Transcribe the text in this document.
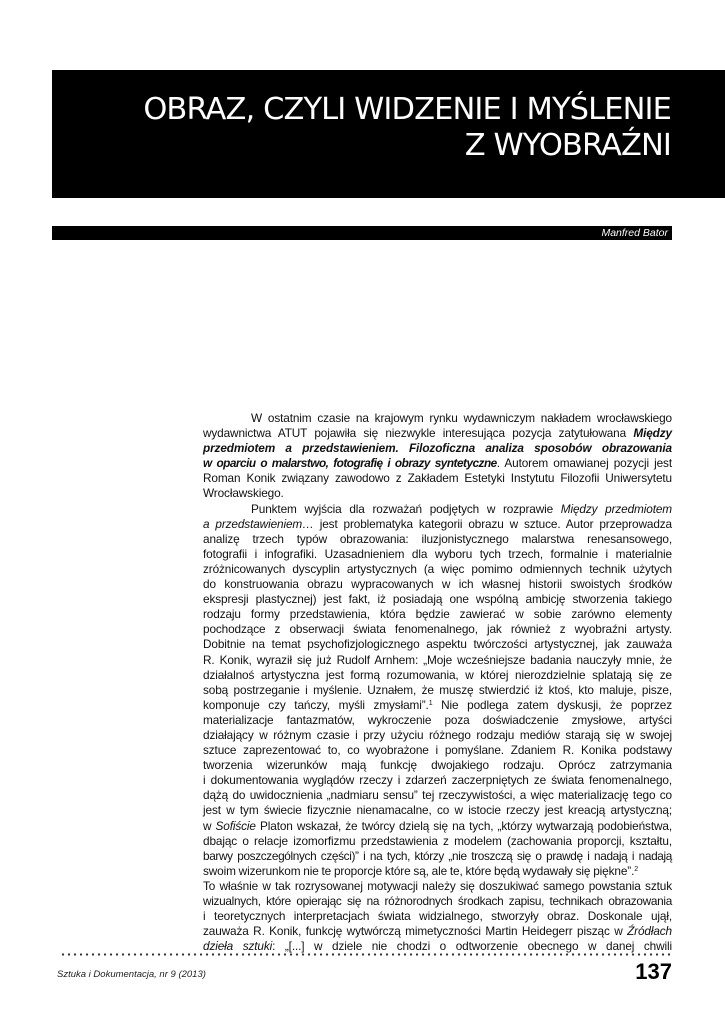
OBRAZ, CZYLI WIDZENIE I MYŚLENIE
Z WYOBRAŹNI
Manfred Bator

W ostatnim czasie na krajowym rynku wydawniczym nakładem wrocławskiego
wydawnictwa ATUT pojawiła się niezwykle interesująca pozycja zatytułowana Między
przedmiotem a przedstawieniem. Filozoficzna analiza sposobów obrazowania
w oparciu o malarstwo, fotografię i obrazy syntetyczne. Autorem omawianej pozycji jest
Roman Konik związany zawodowo z Zakładem Estetyki Instytutu Filozofii Uniwersytetu
Wrocławskiego.

Punktem wyjścia dla rozważań podjętych w rozprawie Między przedmiotem
a przedstawieniem… jest problematyka kategorii obrazu w sztuce. Autor przeprowadza
analizę trzech typów obrazowania: iluzjonistycznego malarstwa renesansowego,
fotografii i infografiki. Uzasadnieniem dla wyboru tych trzech, formalnie i materialnie
zróżnicowanych dyscyplin artystycznych (a więc pomimo odmiennych technik użytych
do konstruowania obrazu wypracowanych w ich własnej historii swoistych środków
ekspresji plastycznej) jest fakt, iż posiadają one wspólną ambicję stworzenia takiego
rodzaju formy przedstawienia, która będzie zawierać w sobie zarówno elementy
pochodzące z obserwacji świata fenomenalnego, jak również z wyobraźni artysty.
Dobitnie na temat psychofizjologicznego aspektu twórczości artystycznej, jak zauważa
R. Konik, wyraził się już Rudolf Arnhem: „Moje wcześniejsze badania nauczyły mnie, że
działalnoś artystyczna jest formą rozumowania, w której nierozdzielnie splatają się ze
sobą postrzeganie i myślenie. Uznałem, że muszę stwierdzić iż ktoś, kto maluje, pisze,
komponuje czy tańczy, myśli zmysłami”.$^1$ Nie podlega zatem dyskusji, że poprzez
materializacje fantazmatów, wykroczenie poza doświadczenie zmysłowe, artyści
działający w różnym czasie i przy użyciu różnego rodzaju mediów starają się w swojej
sztuce zaprezentować to, co wyobrażone i pomyślane. Zdaniem R. Konika podstawy
tworzenia wizerunków mają funkcję dwojakiego rodzaju. Oprócz zatrzymania
i dokumentowania wyglądów rzeczy i zdarzeń zaczerpniętych ze świata fenomenalnego,
dążą do uwidocznienia „nadmiaru sensu” tej rzeczywistości, a więc materializację tego co
jest w tym świecie fizycznie nienamacalne, co w istocie rzeczy jest kreacją artystyczną;
w Sofiście Platon wskazał, że twórcy dzielą się na tych, „którzy wytwarzają podobieństwa,
dbając o relacje izomorfizmu przedstawienia z modelem (zachowania proporcji, kształtu,
barwy poszczególnych części)” i na tych, którzy „nie troszczą się o prawdę i nadają i nadają
swoim wizerunkom nie te proporcje które są, ale te, które będą wydawały się piękne”.$^2$
To właśnie w tak rozrysowanej motywacji należy się doszukiwać samego powstania sztuk
wizualnych, które opierając się na różnorodnych środkach zapisu, technikach obrazowania
i teoretycznych interpretacjach świata widzialnego, stworzyły obraz. Doskonale ujął,
zauważa R. Konik, funkcję wytwórczą mimetyczności Martin Heidegerr pisząc w Źródłach
dzieła sztuki: „[...] w dziele nie chodzi o odtworzenie obecnego w danej chwili

Sztuka i Dokumentacja, nr 9 (2013)	137
